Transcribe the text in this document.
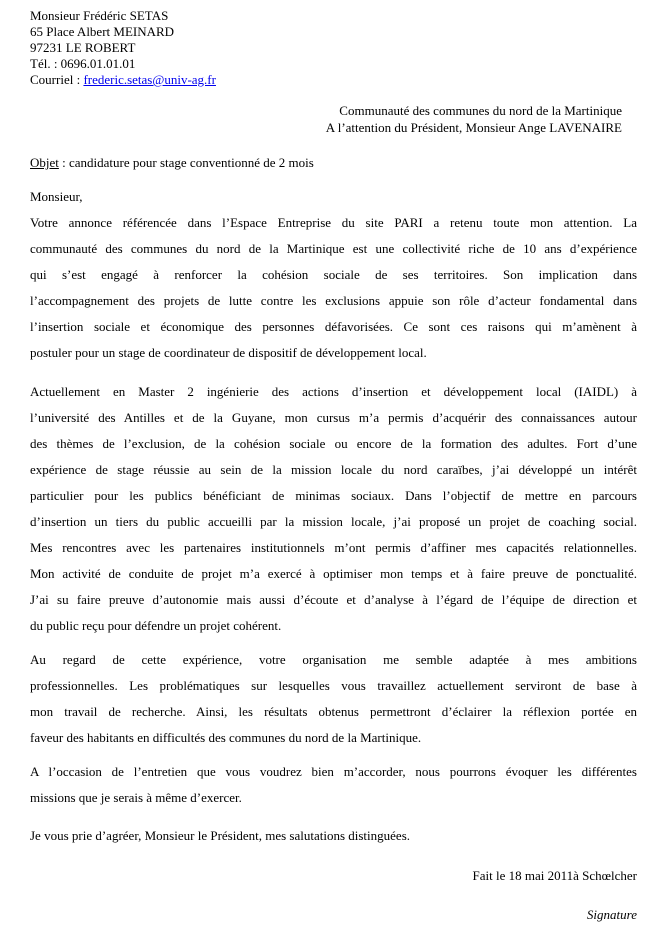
Monsieur Frédéric SETAS
65 Place Albert MEINARD
97231 LE ROBERT
Tél. : 0696.01.01.01
Courriel : frederic.setas@univ-ag.fr
Communauté des communes du nord de la Martinique
A l’attention du Président, Monsieur Ange LAVENAIRE
Objet : candidature pour stage conventionné de 2 mois
Monsieur,
Votre annonce référencée dans l’Espace Entreprise du site PARI a retenu toute mon attention. La
communauté des communes du nord de la Martinique est une collectivité riche de 10 ans d’expérience
qui s’est engagé à renforcer la cohésion sociale de ses territoires. Son implication dans
l’accompagnement des projets de lutte contre les exclusions appuie son rôle d’acteur fondamental dans
l’insertion sociale et économique des personnes défavorisées. Ce sont ces raisons qui m’amènent à
postuler pour un stage de coordinateur de dispositif de développement local.
Actuellement en Master 2 ingénierie des actions d’insertion et développement local (IAIDL) à
l’université des Antilles et de la Guyane, mon cursus m’a permis d’acquérir des connaissances autour
des thèmes de l’exclusion, de la cohésion sociale ou encore de la formation des adultes. Fort d’une
expérience de stage réussie au sein de la mission locale du nord caraïbes, j’ai développé un intérêt
particulier pour les publics bénéficiant de minimas sociaux. Dans l’objectif de mettre en parcours
d’insertion un tiers du public accueilli par la mission locale, j’ai proposé un projet de coaching social.
Mes rencontres avec les partenaires institutionnels m’ont permis d’affiner mes capacités relationnelles.
Mon activité de conduite de projet m’a exercé à optimiser mon temps et à faire preuve de ponctualité.
J’ai su faire preuve d’autonomie mais aussi d’écoute et d’analyse à l’égard de l’équipe de direction et
du public reçu pour défendre un projet cohérent.
Au regard de cette expérience, votre organisation me semble adaptée à mes ambitions
professionnelles. Les problématiques sur lesquelles vous travaillez actuellement serviront de base à
mon travail de recherche. Ainsi, les résultats obtenus permettront d’éclairer la réflexion portée en
faveur des habitants en difficultés des communes du nord de la Martinique.
A l’occasion de l’entretien que vous voudrez bien m’accorder, nous pourrons évoquer les différentes
missions que je serais à même d’exercer.
Je vous prie d’agréer, Monsieur le Président, mes salutations distinguées.
Fait le 18 mai 2011à Schœlcher
Signature
